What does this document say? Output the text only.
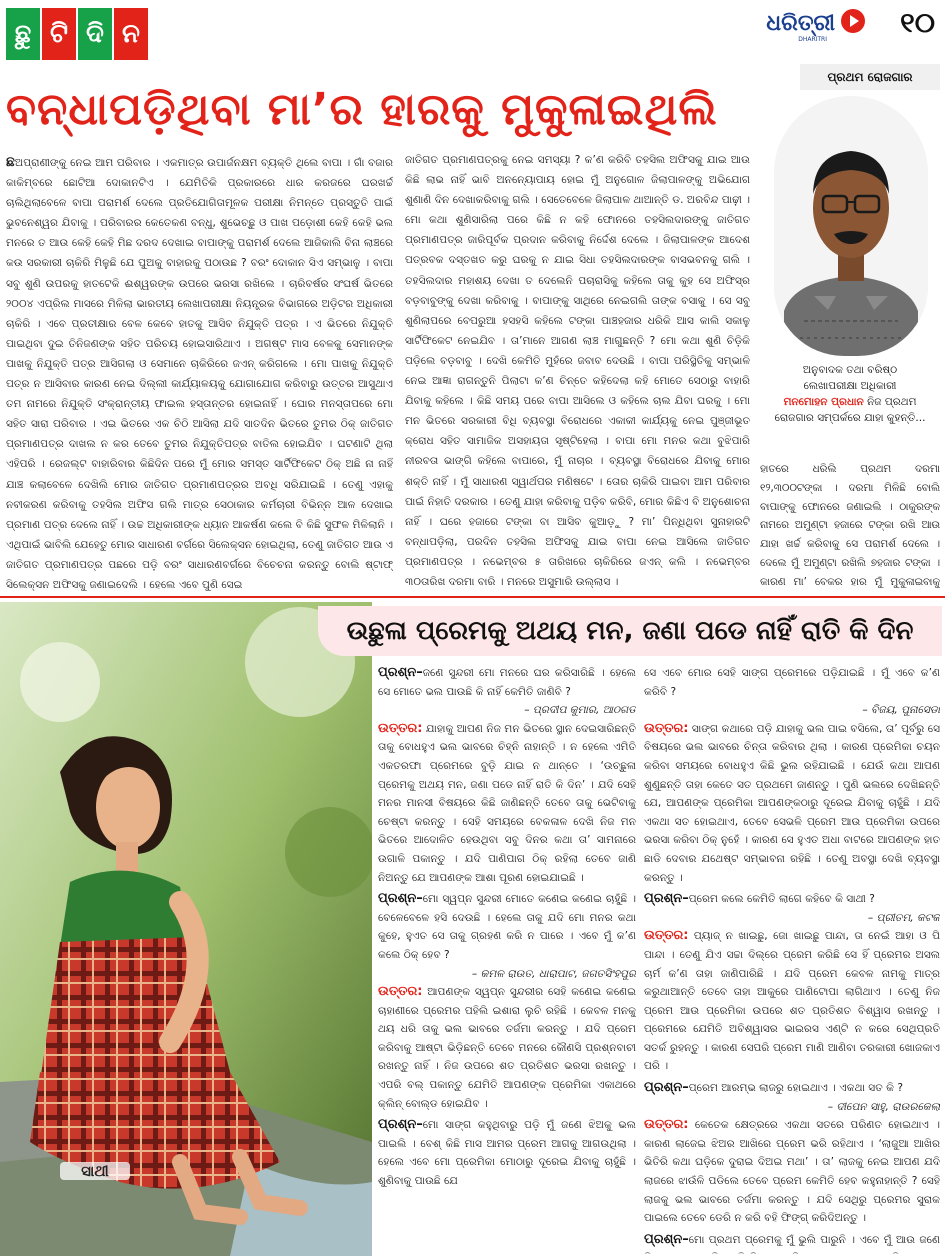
ଛୁ ଟି ଦି ନ	ଧରିତ୍ରୀ
DHARITRI
୧୦
ବନ୍ଧାପଡ଼ିଥିବା ମା’ର ହାରକୁ ମୁକୁଳାଇଥିଲି
ଛଅପ୍ରାଣୀଙ୍କୁ ନେଇ ଆମ ପରିବାର । ଏକମାତ୍ର ଉପାର୍ଜନକ୍ଷମ ବ୍ୟକ୍ତି ଥିଲେ ବାପା । ଗାଁ ବଜାର କାକିମ୍ବରେ ଛୋଟିଆ ଦୋକାନଟିଏ । ଯେମିତିକି ପ୍ରକାରରେ ଧାର କରଜରେ ଘରଖର୍ଚ୍ଚ ଚାଲିଥିଲାବେଳେ ବାପା ପରାମର୍ଶ ଦେଲେ ପ୍ରତିଯୋଗିତାମୂଳକ ପରୀକ୍ଷା ନିମନ୍ତେ ପ୍ରସ୍ତୁତି ପାଇଁ ଭୁବନେଶ୍ୱର ଯିବାକୁ । ପରିବାରର କେତେକଣ ବନ୍ଧୁ, ଶୁଭେଚ୍ଛୁ ଓ ପାଖ ପଡ଼ୋଶୀ କେହି କେହି ଭଲ ମନରେ ତ ଆଉ କେହି କେହି ମିଛ ଦରଦ ଦେଖାଇ ବାପାଙ୍କୁ ପରାମର୍ଶ ଦେଲେ ଆଜିକାଲି ବିନା ଲାଞ୍ଚରେ କଉ ସରକାରୀ ଚାକିରି ମିଳୁଛି ଯେ ପୁଅକୁ ବାହାରକୁ ପଠାଉଛ ? ବରଂ ଦୋକାନ ସିଏ ସମ୍ଭାଳୁ । ବାପା ସବୁ ଶୁଣି ଉପରକୁ ହାତଟେକି ଈଶ୍ୱରଙ୍କ ଉପରେ ଭରସା ରଖିଲେ । ଚାରିବର୍ଷର ସଂଘର୍ଷ ଭିତରେ ୨୦୦୪ ଏପ୍ରିଲ ମାସରେ ମିଳିଲା ଭାରତୀୟ ଲେଖାପରୀକ୍ଷା ନିୟନ୍ତ୍ରକ ବିଭାଗରେ ଅଡ଼ିଟର ଅଧିକାରୀ ଚାକିରି । ଏବେ ପ୍ରତୀକ୍ଷାର ବେଳ କେବେ ହାତକୁ ଆସିବ ନିଯୁକ୍ତି ପତ୍ର । ଏ ଭିତରେ ନିଯୁକ୍ତି ପାଇଥିବା ଦୁଇ ତିନିଜଣଙ୍କ ସହିତ ପରିଚୟ ହୋଇସାରିଥାଏ । ଅଗଷ୍ଟ ମାସ ବେଳକୁ ସେମାନଙ୍କ ପାଖକୁ ନିଯୁକ୍ତି ପତ୍ର ଆସିଗଲା ଓ ସେମାନେ ଚାକିରିରେ ଜଏନ୍ କରିଗଲେ । ମୋ ପାଖକୁ ନିଯୁକ୍ତି ପତ୍ର ନ ଆସିବାର କାରଣ ନେଇ ଦିଲ୍ଲୀ କାର୍ଯ୍ୟାଳୟକୁ ଯୋଗାଯୋଗ କରିବାରୁ ଉତ୍ତର ଆସୁଥାଏ ତମ ନାମରେ ନିଯୁକ୍ତି ସଂକ୍ରାନ୍ତୀୟ ଫାଇଲ ହସ୍ତାନ୍ତର ହୋଇନାହିଁ । ଘୋର ମନସ୍ତାପରେ ମୋ ସହିତ ସାରା ପରିବାର । ଏଇ ଭିତରେ ଏକ ଚିଠି ଆସିଲା ଯଦି ସାତଦିନ ଭିତରେ ତୁମର ଠିକ୍ ଜାତିଗତ ପ୍ରମାଣପତ୍ର ଦାଖଲ ନ କର ତେବେ ତୁମର ନିଯୁକ୍ତିପତ୍ର ବାତିଲ ହୋଇଯିବ । ଘଟଣାଟି ଥିଲା ଏହିପରି । ରେଜଲ୍ଟ ବାହାରିବାର କିଛିଦିନ ପରେ ମୁଁ ମୋର ସମସ୍ତ ସାର୍ଟିଫିକେଟ ଠିକ୍ ଅଛି ନା ନାହିଁ ଯାଞ୍ଚ କଲାବେଳେ ଦେଖିଲି ମୋର ଜାତିଗତ ପ୍ରମାଣପତ୍ରର ଅବଧି ସରିଯାଇଛି । ତେଣୁ ଏହାକୁ ନବୀକରଣ କରିବାକୁ ତହସିଲ ଅଫିସ ଗଲି ମାତ୍ର ସେଠାକାର କର୍ମଚାରୀ ବିଭିନ୍ନ ଆଳ ଦେଖାଇ ପ୍ରମାଣ ପତ୍ର ଦେଲେ ନାହିଁ । ଉଚ୍ଚ ଅଧିକାରୀଙ୍କ ଧ୍ୟାନ ଆକର୍ଷଣ କଲେ ବି କିଛି ସୁଫଳ ମିଳିଲାନି । ଏଥିପାଇଁ ଭାବିଲି ଯେହେତୁ ମୋର ସାଧାରଣ ବର୍ଗରେ ସିଲେକ୍ସନ ହୋଇଥିଲା, ତେଣୁ ଜାତିଗତ ଆଉ ଏ ଜାତିଗତ ପ୍ରମାଣପତ୍ର ପଛରେ ପଡ଼ି ବରଂ ସାଧାରଣବର୍ଗରେ ବିଚେଚନା କରନ୍ତୁ ବୋଲି ଷ୍ଟାଫ୍ ସିଲେକ୍ସନ ଅଫିସକୁ ଜଣାଇଦେଲି । ହେଲେ ଏବେ ପୁଣି ସେଇ
ଜାତିଗତ ପ୍ରମାଣପତ୍ରକୁ ନେଇ ସମସ୍ୟା ? କ’ଣ କରିବି ତହସିଲ ଅଫିସକୁ ଯାଇ ଆଉ କିଛି ଲାଭ ନାହିଁ ଭାବି ଅନନ୍ୟୋପାୟ ହୋଇ ମୁଁ ଅନୁଗୋଳ ଜିଲାପାଳଙ୍କୁ ଅଭିଯୋଗ ଶୁଣାଣି ଦିନ ଦେଖାକରିବାକୁ ଗଲି । ସେତେବେଳେ ଜିଲାପାଳ ଥାଆନ୍ତି ଡ. ଅରବିନ୍ଦ ପାଢ଼ୀ । ମୋ କଥା ଶୁଣିସାରିଲା ପରେ କିଛି ନ କହି ଫୋନରେ ତହସିଲଦାରଙ୍କୁ ଜାତିଗତ ପ୍ରମାଣପତ୍ର ଜାରିପୂର୍ବକ ପ୍ରଦାନ କରିବାକୁ ନିର୍ଦ୍ଦେଶ ଦେଲେ । ଜିଲାପାଳଙ୍କ ଆଦେଶ ପତ୍ରବକ ଦସ୍ତଖତ କରୁ ଘରକୁ ନ ଯାଇ ସିଧା ତହସିଲଦାରଙ୍କ ବାସଭବନକୁ ଗଲି । ତହସିଲଦାର ମହାଶୟ ଦେଖା ତ ଦେଲେନି ପଚାରାସିକୁ କହିଲେ ତାକୁ କୁହ ସେ ଅଫିସ୍‌ର ବଡ଼ବାବୁଙ୍କୁ ଦେଖା କରିବାକୁ । ବାପାଙ୍କୁ ସାଥିରେ ନେଇଗଲି ତାଙ୍କ ବସାକୁ । ସେ ସବୁ ଶୁଣିଲାପରେ ବେପରୁଆ ହସହସି କହିଲେ ଟଙ୍କା ପାଞ୍ଚହଜାର ଧରିକି ଆସ କାଲି ସକାଳୁ ସାର୍ଟିଫିକେଟ ନେଇଯିବ । ତା’ମାନେ ଆଗଣ ଲାଞ୍ଚ ମାଗୁଛନ୍ତି ? ମୋ କଥା ଶୁଣି ଚିଡ଼ିକି ପଡ଼ିଲେ ବଡ଼ବାବୁ । ଦେଖି କେମିତି ମୁହଁରେ ଜବାବ ଦେଉଛି । ବାପା ପରିସ୍ଥିତିକୁ ସମ୍ଭାଳି ନେଇ ଆଜ୍ଞା ରାଗନ୍ତୁନି ପିଲାଟା କ’ଣ ଚିନ୍ତେ କହିଦେଲା କହି ମୋତେ ସେଠାରୁ ବାହାରି ଯିବାକୁ କହିଲେ । କିଛି ସମୟ ପରେ ବାପା ଆସିଲେ ଓ କହିଲେ ଚାଲ ଯିବା ଘରକୁ । ମୋ ମନ ଭିତରେ ସରକାରୀ ବିଧି ବ୍ୟବସ୍ଥା ବିରୋଧରେ ଏକାକୀ କାର୍ଯ୍ୟକୁ ନେଇ ପୁଞ୍ଜୀଭୂତ କ୍ରୋଧ ସହିତ ସାମାଜିକ ଅସହାୟତା ସୃଷ୍ଟିହେଲା । ବାପା ମୋ ମନର କଥା ବୁଝିପାରି ନୀରବତା ଭାଙ୍ଗି କହିଲେ ବାପାରେ, ମୁଁ ନାଚାର । ବ୍ୟବସ୍ଥା ବିରୋଧରେ ଯିବାକୁ ମୋର ଶକ୍ତି ନାହିଁ । ମୁଁ ସାଧାରଣ ସ୍ୱାର୍ଥପର ମଣିଷଟେ । ତୋର ଚାକିରି ପାଇବା ଆମ ପରିବାର ପାଇଁ ନିହାତି ଦରକାର । ତେଣୁ ଯାହା କରିବାକୁ ପଡ଼ିବ କରିବି, ମୋର କିଛିଏ ବି ଅନୁଶୋଚନା ନାହିଁ । ଘରେ ହଜାରେ ଟଙ୍କା ବା ଆସିବ କୁଆଡ଼ୁ ? ମା’ ପିନ୍ଧିଥିବା ସୁନାହାରଟି ବନ୍ଧାପଡ଼ିଲା, ପରଦିନ ତହସିଲ ଅଫିସକୁ ଯାଇ ବାପା ନେଇ ଆସିଲେ ଜାତିଗତ ପ୍ରମାଣପତ୍ର । ନଭେମ୍ବର ୫ ତାରିଖରେ ଚାକିରିରେ ଜଏନ୍ କଲି । ନଭେମ୍ବର ୩୦ତାରିଖ ଦରମା ବାରି । ମନରେ ଅସୁମାରି ଉଲ୍ଲାସ ।
ପ୍ରଥମ ରୋଜଗାର
ଅନୁବାଦକ ତଥା ବରିଷ୍ଠ
ଲେଖାପରୀକ୍ଷା ଅଧିକାରୀ
ମନମୋହନ ପ୍ରଧାନ ନିଜ ପ୍ରଥମ
ରୋଜଗାର ସମ୍ପର୍କରେ ଯାହା କୁହନ୍ତି...
ହାତରେ ଧରିଲି ପ୍ରଥମ ଦରମା ୧୨,୩୦୦ଟଙ୍କା । ଦରମା ମିଳିଛି ବୋଲି ବାପାଙ୍କୁ ଫୋନରେ ଜଣାଇଲି । ଠାକୁରଙ୍କ ନାମରେ ଅମୁଣ୍ଟା ହଜାରେ ଟଙ୍କା ରଖି ଆଉ ଯାହା ଖର୍ଚ୍ଚ କରିବାକୁ ସେ ପରାମର୍ଶ ଦେଲେ । ଦେଲେ ମୁଁ ଅମୁଣ୍ଟା ରଖିଲି ୭ହଜାର ଟଙ୍କା । କାରଣ ମା’ ବେକର ହାର ମୁଁ ମୁକୁଳାଇବାକୁ
ଉଛୁଳା ପ୍ରେମକୁ ଅଥୟ ମନ, ଜଣା ପଡେ ନାହିଁ ରାତି କି ଦିନ
ସାଥୀ
ପ୍ରଶ୍ନ–ଜଣେ ସୁନ୍ଦରୀ ମୋ ମନରେ ଘର କରିସାରିଛି । ହେଲେ ସେ ମୋତେ ଭଲ ପାଉଛି କି ନାହିଁ କେମିତି ଜାଣିବି ?
– ପ୍ରଦୀପ କୁମାର, ଆଠଗଡ
ଉତ୍ତର: ଯାହାକୁ ଆପଣ ନିଜ ମନ ଭିତରେ ସ୍ଥାନ ଦେଇସାରିଛନ୍ତି ତାକୁ ବୋଧହୁଏ ଭଲ ଭାବରେ ଚିହ୍ନି ନାହାନ୍ତି । ନ ହେଲେ ଏମିତି ଏକତରଫା ପ୍ରେମରେ ବୁଡ଼ି ଯାଇ ନ ଥାନ୍ତେ । ‘ଉଚ୍ଛୁଳା ପ୍ରେମକୁ ଅଥୟ ମନ, ଜଣା ପଡେ ନାହିଁ ରାତି କି ଦିନ’ । ଯଦି ସେହି ମନର ମାନସୀ ବିଷୟରେ କିଛି ଜାଣିଛନ୍ତି ତେବେ ତାକୁ ଭେଟିବାକୁ ଚେଷ୍ଟା କରନ୍ତୁ । ସେହି ସମୟରେ ବେକଳାଳ ଦେଖି ନିଜ ମନ ଭିତରେ ଆଦୋଳିତ ହେଉଥିବା ସବୁ ଦିନର କଥା ତା’ ସାମନାରେ ଉଗାଳି ପକାନ୍ତୁ । ଯଦି ପାଣିପାଗ ଠିକ୍ ରହିଲା ତେବେ ଜାଣି ନିଅନ୍ତୁ ଯେ ଆପଣଙ୍କ ଆଶା ପୂରଣ ହୋଇଯାଇଛି ।
ପ୍ରଶ୍ନ–ମୋ ସ୍ୱପ୍ନ ସୁନ୍ଦରୀ ମୋତେ କଣେଇ କଣେଇ ଚାହୁଁଛି । ବେଳେବେଳେ ହସି ଦେଉଛି । ହେଲେ ତାକୁ ଯଦି ମୋ ମନର କଥା କୁହେ, ହୁଏତ ସେ ତାକୁ ଗ୍ରହଣ କରି ନ ପାରେ । ଏବେ ମୁଁ କ’ଣ କଲେ ଠିକ୍ ହେବ ?
– କମଳ ରାଉତ, ଧାରାପାଟ, ଜଗତସିଂହପୁର
ଉତ୍ତର: ଆପଣଙ୍କ ସ୍ୱପ୍ନ ସୁନ୍ଦରୀର ସେହି କଣେଇ କଣେଇ ଚାହାଣୀରେ ପ୍ରେମର ପହିଲି ଇଶାରା ଲୁଚି ରହିଛି । କେବଳ ମନକୁ ଥୟ ଧରି ତାକୁ ଭଲ ଭାବରେ ତର୍ଜମା କରନ୍ତୁ । ଯଦି ପ୍ରେମ କରିବାକୁ ଆଷ୍ଟା ଭିଡ଼ିଛନ୍ତି ତେବେ ମନରେ କୌଣସି ପ୍ରଶ୍ନବାଚୀ ରଖନ୍ତୁ ନାହିଁ । ନିଜ ଉପରେ ଶତ ପ୍ରତିଶତ ଭରସା ରଖନ୍ତୁ । ଏପରି ବଲ୍ ପକାନ୍ତୁ ଯେମିତି ଆପଣଙ୍କ ପ୍ରେମିକା ଏକାଥରେ କ୍ଲିନ୍ ବୋଲ୍ଡ ହୋଇଯିବ ।
ପ୍ରଶ୍ନ–ମୋ ସାଙ୍ଗ କହୁଥିବାରୁ ପଡ଼ି ମୁଁ ଜଣେ ଝିଅକୁ ଭଲ ପାଇଲି । ବେଶ୍ କିଛି ମାସ ଆମର ପ୍ରେମ ଆଗକୁ ଆଗଉଥିଲା । ହେଲେ ଏବେ ମୋ ପ୍ରେମିକା ମୋଠାରୁ ଦୂରେଇ ଯିବାକୁ ଚାହୁଁଛି । ଶୁଣିବାକୁ ପାଉଛି ଯେ
ସେ ଏବେ ମୋର ସେହି ସାଙ୍ଗ ପ୍ରେମରେ ପଡ଼ିଯାଇଛି । ମୁଁ ଏବେ କ’ଣ କରିବି ?
– ବିଜୟ, ପୁନାସେଡା
ଉତ୍ତର: ସାଙ୍ଗ କଥାରେ ପଡ଼ି ଯାହାକୁ ଭଲ ପାଇ ବସିଲେ, ତା’ ପୂର୍ବରୁ ସେ ବିଷୟରେ ଭଲ ଭାବରେ ଚିନ୍ତା କରିବାର ଥିଲା । କାରଣ ପ୍ରେମିକା ଚୟନ କରିବା ସମୟରେ ବୋଧହୁଏ କିଛି ଭୁଲ ରହିଯାଇଛି । ଯେଉଁ କଥା ଆପଣ ଶୁଣୁଛନ୍ତି ତାହା କେତେ ସତ ପ୍ରଥମେ ଜାଣନ୍ତୁ । ପୁଣି ଭଲରେ ଦେଖିଛନ୍ତି ଯେ, ଆପଣଙ୍କ ପ୍ରେମିକା ଆପଣଙ୍କଠାରୁ ଦୂରେଇ ଯିବାକୁ ଚାହୁଁଛି । ଯଦି ଏକଥା ସତ ହୋଇଥାଏ, ତେବେ ସେଭଳି ପ୍ରେମ ଆଉ ପ୍ରେମିକା ଉପରେ ଭରସା କରିବା ଠିକ୍ ନୁହେଁ । କାରଣ ସେ ହୁଏତ ଅଧା ବାଟରେ ଆପଣଙ୍କ ହାତ ଛାଡି ଦେବାର ଯଥେଷ୍ଟ ସମ୍ଭାବନା ରହିଛି । ତେଣୁ ଅବସ୍ଥା ଦେଖି ବ୍ୟବସ୍ଥା କରନ୍ତୁ ।
ପ୍ରଶ୍ନ–ପ୍ରେମ କଲେ କେମିତି ଲାଗେ କହିବେ କି ସାଥୀ ?
– ପ୍ରୀତମ, କଟକ
ଉତ୍ତର: ପ୍ୟାଜ୍ ନ ଖାଇଛୁ, ଜୋ ଖାଇଛୁ ପାନ୍ଦା, ତା ନେଇଁ ଆହା ଓ ପି ପାନ୍ଦା । ତେଣୁ ଯିଏ ସଚ୍ଚା ଦିଲ୍‌ରେ ପ୍ରେମ କରିଛି ସେ ହିଁ ପ୍ରେମର ଅସଲ ଚାର୍ମ କ’ଣ ତାହା ଜାଣିପାରିଛି । ଯଦି ପ୍ରେମ କେବଳ ନାମକୁ ମାତ୍ର କରୁଥାଆନ୍ତି ତେବେ ତାହା ଆକୁରେ ପାଣିଟୋପା ଲାଗିଥାଏ । ତେଣୁ ନିଜ ପ୍ରେମ ଆଉ ପ୍ରେମିକା ଉପରେ ଶତ ପ୍ରତିଶତ ବିଶ୍ୱାସ ରଖନ୍ତୁ । ପ୍ରେମରେ ଯେମିତି ଅବିଶ୍ୱାସର ଭାଇରସ ଏଣ୍ଟି ନ କରେ ସେଥିପ୍ରତି ସତର୍କ ରୁହନ୍ତୁ । କାରଣ ସେପରି ପ୍ରେମ ମାଣି ଆଣିବା ତରକାରୀ ଖୋଜକାଏ ପରି ।
ପ୍ରଶ୍ନ–ପ୍ରେମ ଆରମ୍ଭ ଲାଜରୁ ହୋଇଥାଏ । ଏକଥା ସତ କି ?
– ଦୀପେନ ସାହୁ, ରାଉରକେଲା
ଉତ୍ତର: କେତେକ କ୍ଷେତ୍ରରେ ଏକଥା ସତରେ ପରିଣତ ହୋଇଥାଏ । କାରଣ ଲାଜେଇ ଝିଅର ଆଖିରେ ପ୍ରେମ ଭରି ରହିଥାଏ । ‘ଲାଜୁଆ ଆଖିର ଭିତିରି କଥା ଘଡ଼ିକେ ଦୁରାଇ ଦିଅଇ ମଥା’ । ତା’ ଲାଜକୁ ନେଇ ଆପଣ ଯଦି ଲାଜରେ ଝାଉଁଳି ପଡିଲେ ତେବେ ପ୍ରେମ କେମିତି ହେବ କହୁନାହାନ୍ତି ? ସେହି ଲାଜକୁ ଭଲ ଭାବରେ ତର୍ଜମା କରନ୍ତୁ । ଯଦି ସେଥିରୁ ପ୍ରେମର ସୁରାକ ପାଇଲେ ତେବେ ଡେରି ନ କରି ବହି ଫିଙ୍ଗ୍ କରିଦିଅନ୍ତୁ ।
ପ୍ରଶ୍ନ–ମୋ ପ୍ରଥମ ପ୍ରେମକୁ ମୁଁ ଭୁଲି ପାରୁନି । ଏବେ ମୁଁ ଆଉ ଜଣେ
